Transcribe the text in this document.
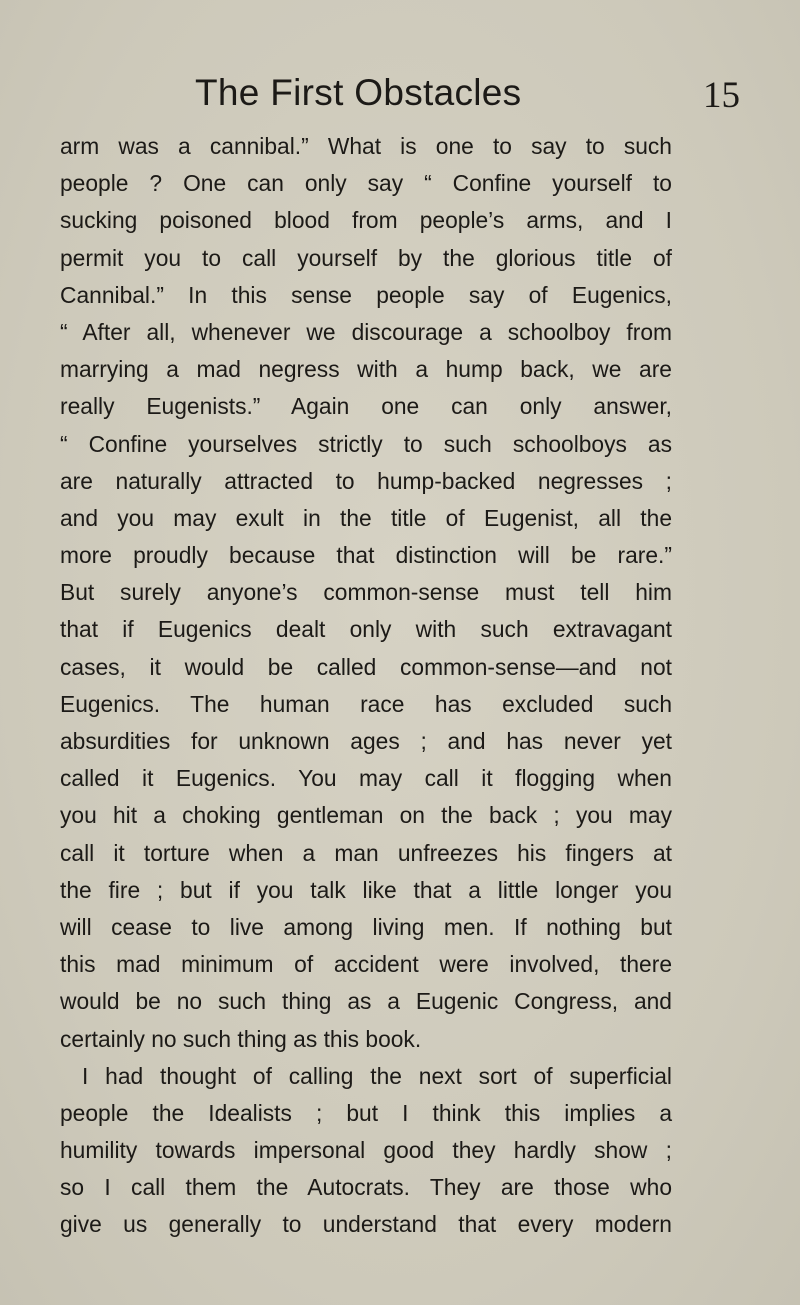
The First Obstacles	15
arm was a cannibal.” What is one to say to such
people ? One can only say “ Confine yourself to
sucking poisoned blood from people’s arms, and I
permit you to call yourself by the glorious title of
Cannibal.” In this sense people say of Eugenics,
“ After all, whenever we discourage a schoolboy from
marrying a mad negress with a hump back, we are
really Eugenists.” Again one can only answer,
“ Confine yourselves strictly to such schoolboys as
are naturally attracted to hump-backed negresses ;
and you may exult in the title of Eugenist, all the
more proudly because that distinction will be rare.”
But surely anyone’s common-sense must tell him
that if Eugenics dealt only with such extravagant
cases, it would be called common-sense—and not
Eugenics. The human race has excluded such
absurdities for unknown ages ; and has never yet
called it Eugenics. You may call it flogging when
you hit a choking gentleman on the back ; you may
call it torture when a man unfreezes his fingers at
the fire ; but if you talk like that a little longer you
will cease to live among living men. If nothing but
this mad minimum of accident were involved, there
would be no such thing as a Eugenic Congress, and
certainly no such thing as this book.
I had thought of calling the next sort of superficial
people the Idealists ; but I think this implies a
humility towards impersonal good they hardly show ;
so I call them the Autocrats. They are those who
give us generally to understand that every modern
